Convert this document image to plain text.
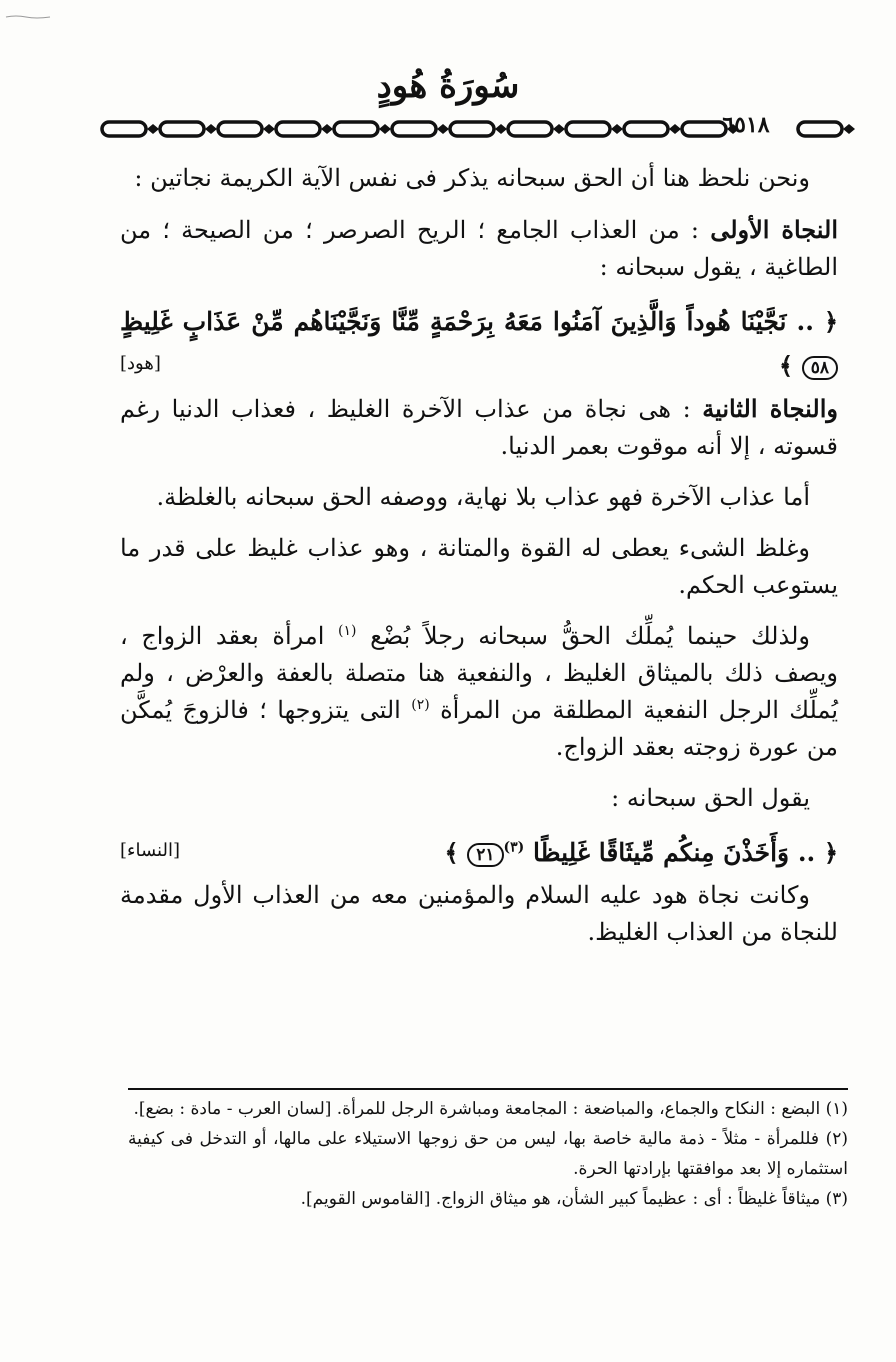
سُورَةُ هُودٍ
٦٥١٨

ونحن نلحظ هنا أن الحق سبحانه يذكر فى نفس الآية الكريمة نجاتين :

النجاة الأولى : من العذاب الجامع ؛ الريح الصرصر ؛ من الصيحة ؛ من الطاغية ، يقول سبحانه :

﴿ .. نَجَّيْنَا هُوداً وَالَّذِينَ آمَنُوا مَعَهُ بِرَحْمَةٍ مِّنَّا وَنَجَّيْنَاهُم مِّنْ عَذَابٍ غَلِيظٍ ٥٨ ﴾
[هود]

والنجاة الثانية : هى نجاة من عذاب الآخرة الغليظ ، فعذاب الدنيا رغم قسوته ، إلا أنه موقوت بعمر الدنيا.

أما عذاب الآخرة فهو عذاب بلا نهاية، ووصفه الحق سبحانه بالغلظة.

وغلظ الشىء يعطى له القوة والمتانة ، وهو عذاب غليظ على قدر ما يستوعب الحكم.

ولذلك حينما يُملِّك الحقُّ سبحانه رجلاً بُضْع $^{(١)}$ امرأة بعقد الزواج ، ويصف ذلك بالميثاق الغليظ ، والنفعية هنا متصلة بالعفة والعرْض ، ولم يُملِّك الرجل النفعية المطلقة من المرأة $^{(٢)}$ التى يتزوجها ؛ فالزوجَ يُمكَّن من عورة زوجته بعقد الزواج.

يقول الحق سبحانه :

﴿ .. وَأَخَذْنَ مِنكُم مِّيثَاقًا غَلِيظًا $^{(٣)}$٢١ ﴾
[النساء]

وكانت نجاة هود عليه السلام والمؤمنين معه من العذاب الأول مقدمة للنجاة من العذاب الغليظ.

(١) البضع : النكاح والجماع، والمباضعة : المجامعة ومباشرة الرجل للمرأة. [لسان العرب - مادة : بضع].

(٢) فللمرأة - مثلاً - ذمة مالية خاصة بها، ليس من حق زوجها الاستيلاء على مالها، أو التدخل فى كيفية استثماره إلا بعد موافقتها بإرادتها الحرة.

(٣) ميثاقاً غليظاً : أى : عظيماً كبير الشأن، هو ميثاق الزواج. [القاموس القويم].
